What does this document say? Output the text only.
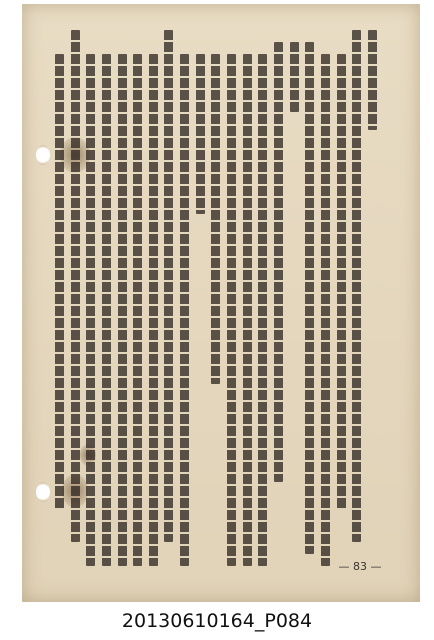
— 83 —
20130610164_P084
